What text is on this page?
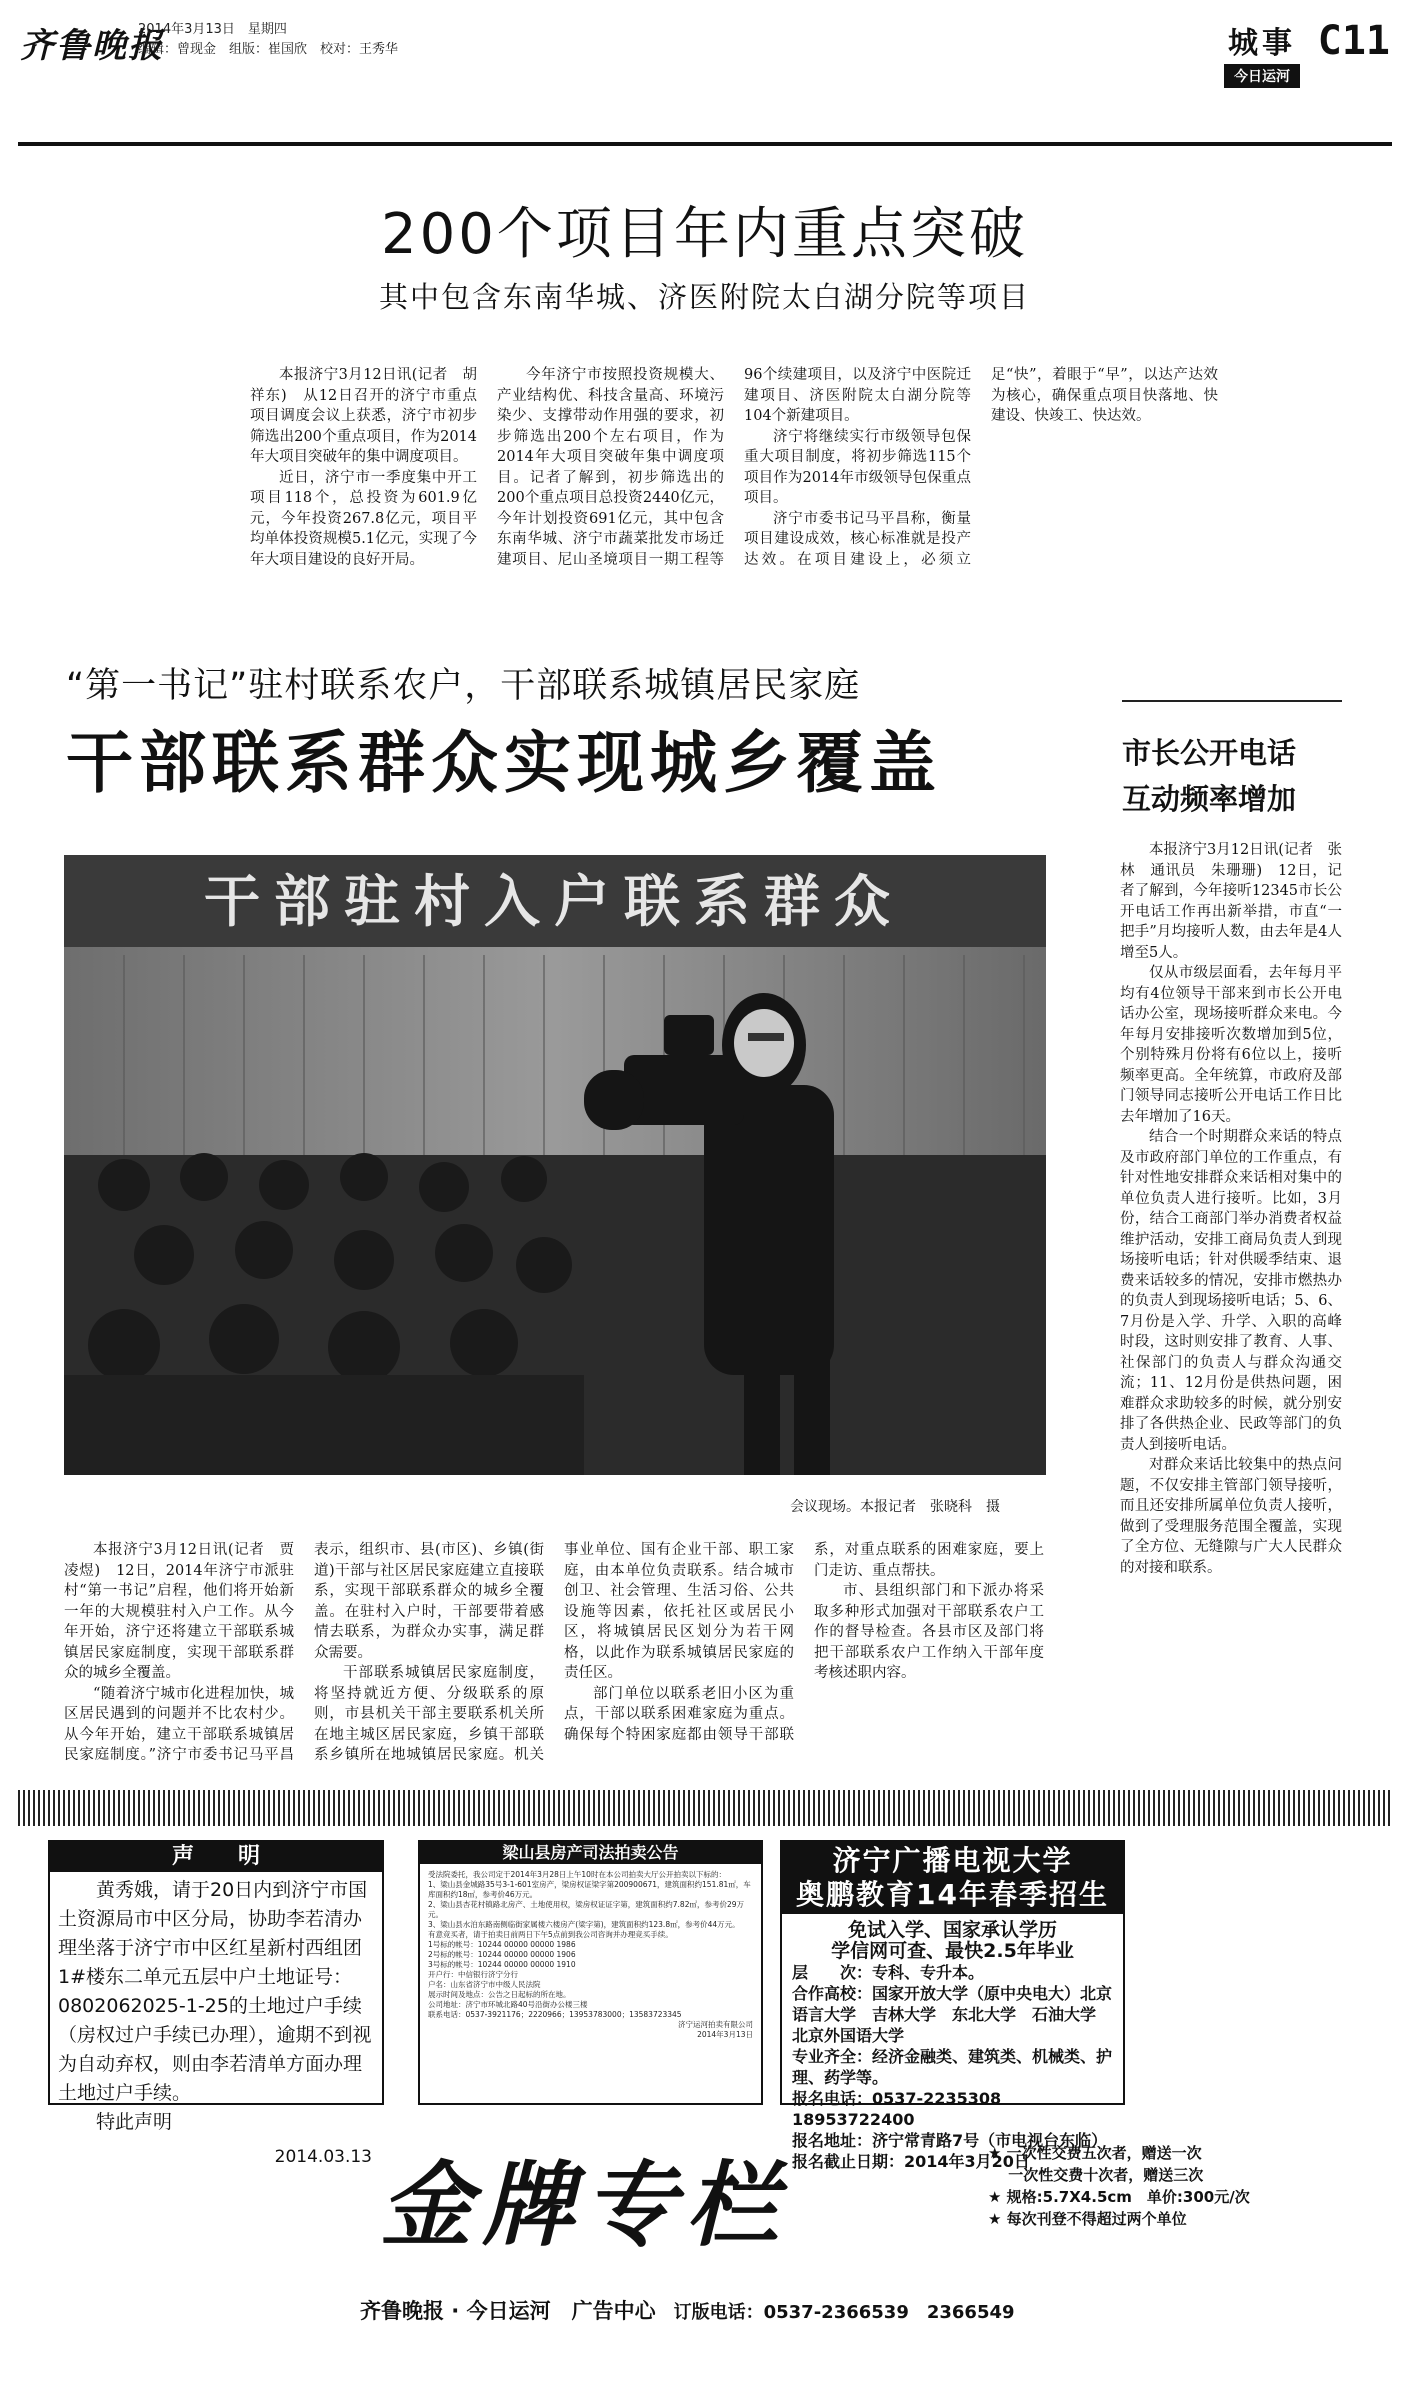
齐鲁晚报
2014年3月13日　星期四
编辑：曾现金　组版：崔国欣　校对：王秀华	城事
今日运河
C11
200个项目年内重点突破
其中包含东南华城、济医附院太白湖分院等项目

本报济宁3月12日讯(记者　胡祥东)　从12日召开的济宁市重点项目调度会议上获悉，济宁市初步筛选出200个重点项目，作为2014年大项目突破年的集中调度项目。

近日，济宁市一季度集中开工项目118个，总投资为601.9亿元，今年投资267.8亿元，项目平均单体投资规模5.1亿元，实现了今年大项目建设的良好开局。

今年济宁市按照投资规模大、产业结构优、科技含量高、环境污染少、支撑带动作用强的要求，初步筛选出200个左右项目，作为2014年大项目突破年集中调度项目。记者了解到，初步筛选出的200个重点项目总投资2440亿元，今年计划投资691亿元，其中包含东南华城、济宁市蔬菜批发市场迁建项目、尼山圣境项目一期工程等96个续建项目，以及济宁中医院迁建项目、济医附院太白湖分院等104个新建项目。

济宁将继续实行市级领导包保重大项目制度，将初步筛选115个项目作为2014年市级领导包保重点项目。

济宁市委书记马平昌称，衡量项目建设成效，核心标准就是投产达效。在项目建设上，必须立足“快”，着眼于“早”，以达产达效为核心，确保重点项目快落地、快建设、快竣工、快达效。

“第一书记”驻村联系农户，干部联系城镇居民家庭
干部联系群众实现城乡覆盖
干部驻村入户联系群众
会议现场。本报记者　张晓科　摄

本报济宁3月12日讯(记者　贾凌煜)　12日，2014年济宁市派驻村“第一书记”启程，他们将开始新一年的大规模驻村入户工作。从今年开始，济宁还将建立干部联系城镇居民家庭制度，实现干部联系群众的城乡全覆盖。

“随着济宁城市化进程加快，城区居民遇到的问题并不比农村少。从今年开始，建立干部联系城镇居民家庭制度。”济宁市委书记马平昌表示，组织市、县(市区)、乡镇(街道)干部与社区居民家庭建立直接联系，实现干部联系群众的城乡全覆盖。在驻村入户时，干部要带着感情去联系，为群众办实事，满足群众需要。

干部联系城镇居民家庭制度，将坚持就近方便、分级联系的原则，市县机关干部主要联系机关所在地主城区居民家庭，乡镇干部联系乡镇所在地城镇居民家庭。机关事业单位、国有企业干部、职工家庭，由本单位负责联系。结合城市创卫、社会管理、生活习俗、公共设施等因素，依托社区或居民小区，将城镇居民区划分为若干网格，以此作为联系城镇居民家庭的责任区。

部门单位以联系老旧小区为重点，干部以联系困难家庭为重点。确保每个特困家庭都由领导干部联系，对重点联系的困难家庭，要上门走访、重点帮扶。

市、县组织部门和下派办将采取多种形式加强对干部联系农户工作的督导检查。各县市区及部门将把干部联系农户工作纳入干部年度考核述职内容。

市长公开电话
互动频率增加

本报济宁3月12日讯(记者　张林　通讯员　朱珊珊)　12日，记者了解到，今年接听12345市长公开电话工作再出新举措，市直“一把手”月均接听人数，由去年是4人增至5人。

仅从市级层面看，去年每月平均有4位领导干部来到市长公开电话办公室，现场接听群众来电。今年每月安排接听次数增加到5位，个别特殊月份将有6位以上，接听频率更高。全年统算，市政府及部门领导同志接听公开电话工作日比去年增加了16天。

结合一个时期群众来话的特点及市政府部门单位的工作重点，有针对性地安排群众来话相对集中的单位负责人进行接听。比如，3月份，结合工商部门举办消费者权益维护活动，安排工商局负责人到现场接听电话；针对供暖季结束、退费来话较多的情况，安排市燃热办的负责人到现场接听电话；5、6、7月份是入学、升学、入职的高峰时段，这时则安排了教育、人事、社保部门的负责人与群众沟通交流；11、12月份是供热问题，困难群众求助较多的时候，就分别安排了各供热企业、民政等部门的负责人到接听电话。

对群众来话比较集中的热点问题，不仅安排主管部门领导接听，而且还安排所属单位负责人接听，做到了受理服务范围全覆盖，实现了全方位、无缝隙与广大人民群众的对接和联系。

声　　明

黄秀娥，请于20日内到济宁市国土资源局市中区分局，协助李若清办理坐落于济宁市中区红星新村西组团1#楼东二单元五层中户土地证号：0802062025-1-25的土地过户手续（房权过户手续已办理），逾期不到视为自动弃权，则由李若清单方面办理土地过户手续。

特此声明

2014.03.13
梁山县房产司法拍卖公告
受法院委托，我公司定于2014年3月28日上午10时在本公司拍卖大厅公开拍卖以下标的：
1、梁山县金城路35号3-1-601室房产，梁房权证梁字第200900671，建筑面积约151.81㎡，车库面积约18㎡，参考价46万元。
2、梁山县杏花村镇路北房产、土地使用权，梁房权证证字第，建筑面积约7.82㎡，参考价29万元。
3、梁山县水泊东路南侧临街家属楼六楼房产(梁字第)，建筑面积约123.8㎡，参考价44万元。
有意竞买者，请于拍卖日前两日下午5点前到我公司咨询并办理竞买手续。
1号标的帐号：10244 00000 00000 1986
2号标的帐号：10244 00000 00000 1906
3号标的帐号：10244 00000 00000 1910
开户行：中信银行济宁分行
户名：山东省济宁市中级人民法院
展示时间及地点：公告之日起标的所在地。
公司地址：济宁市环城北路40号沿街办公楼三楼
联系电话：0537-3921176；2220966；13953783000；13583723345
济宁运河拍卖有限公司
2014年3月13日
济宁广播电视大学
奥鹏教育14年春季招生
免试入学、国家承认学历
学信网可查、最快2.5年毕业
层　　次：专科、专升本。
合作高校：国家开放大学（原中央电大）北京语言大学　吉林大学　东北大学　石油大学　北京外国语大学
专业齐全：经济金融类、建筑类、机械类、护理、药学等。
报名电话：0537-2235308　18953722400
报名地址：济宁常青路7号（市电视台东临）
报名截止日期：2014年3月20日
金牌专栏	★ 一次性交费五次者，赠送一次
　 一次性交费十次者，赠送三次
★ 规格:5.7X4.5cm　单价:300元/次
★ 每次刊登不得超过两个单位
齐鲁晚报 · 今日运河　广告中心 订版电话：0537-2366539　2366549
